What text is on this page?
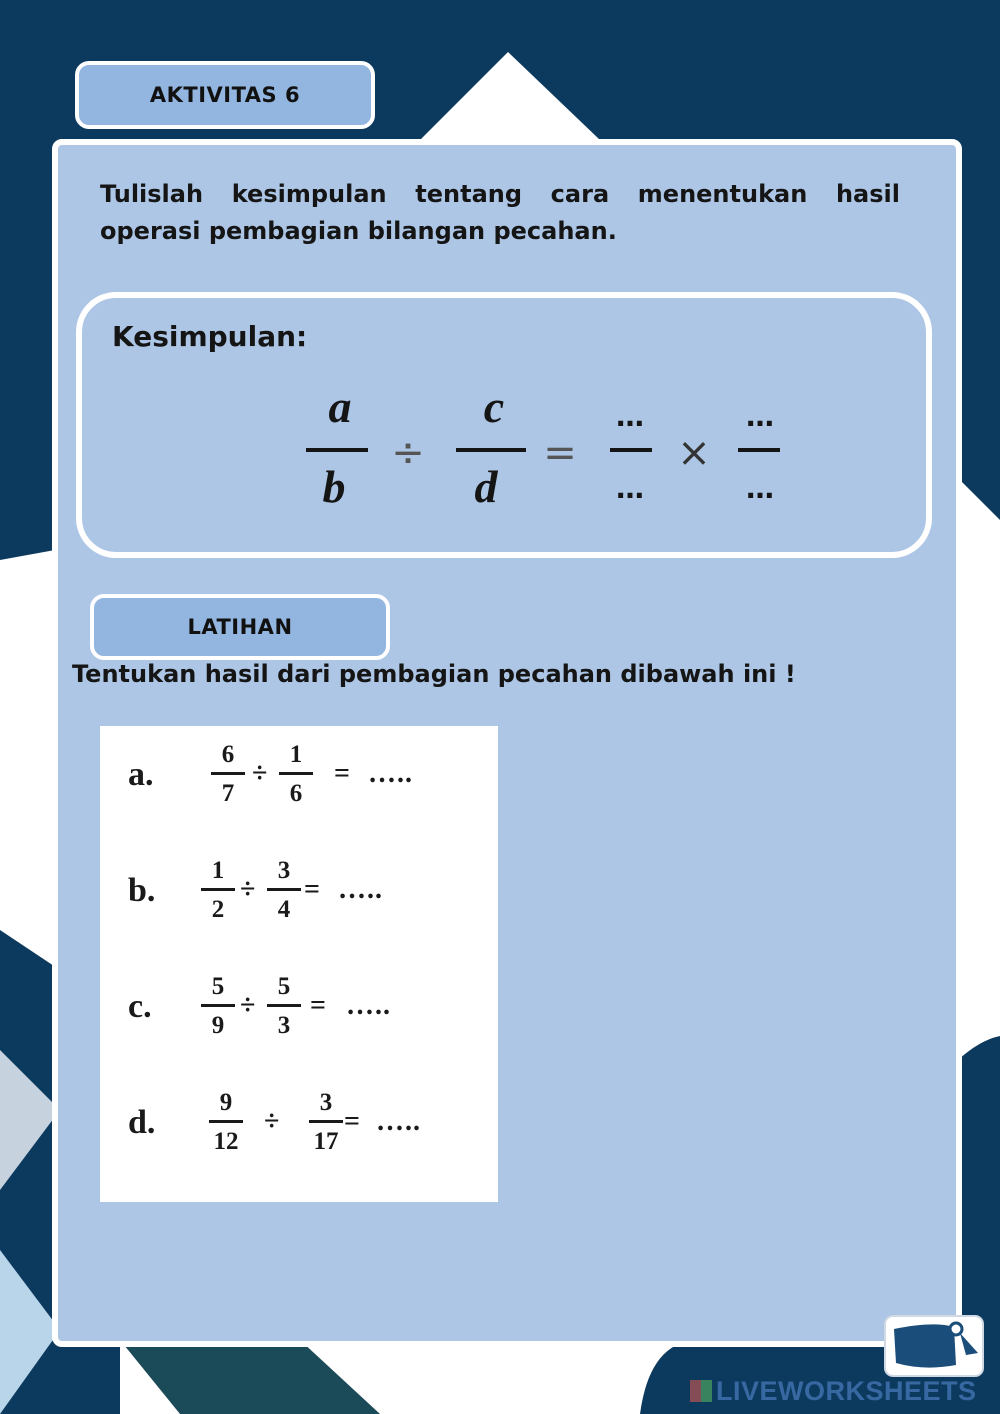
AKTIVITAS 6
Tulislah kesimpulan tentang cara menentukan hasil operasi pembagian bilangan pecahan.
Kesimpulan:
a
b
÷
c
d
=
…
…
×
…
…
LATIHAN
Tentukan hasil dari pembagian pecahan dibawah ini !
a.
6
7
÷
1
6
= …..
b.
1
2
÷
3
4
= …..
c.
5
9
÷
5
3
= …..
d.
9
12
÷
3
17
= …..
LIVEWORKSHEETS
